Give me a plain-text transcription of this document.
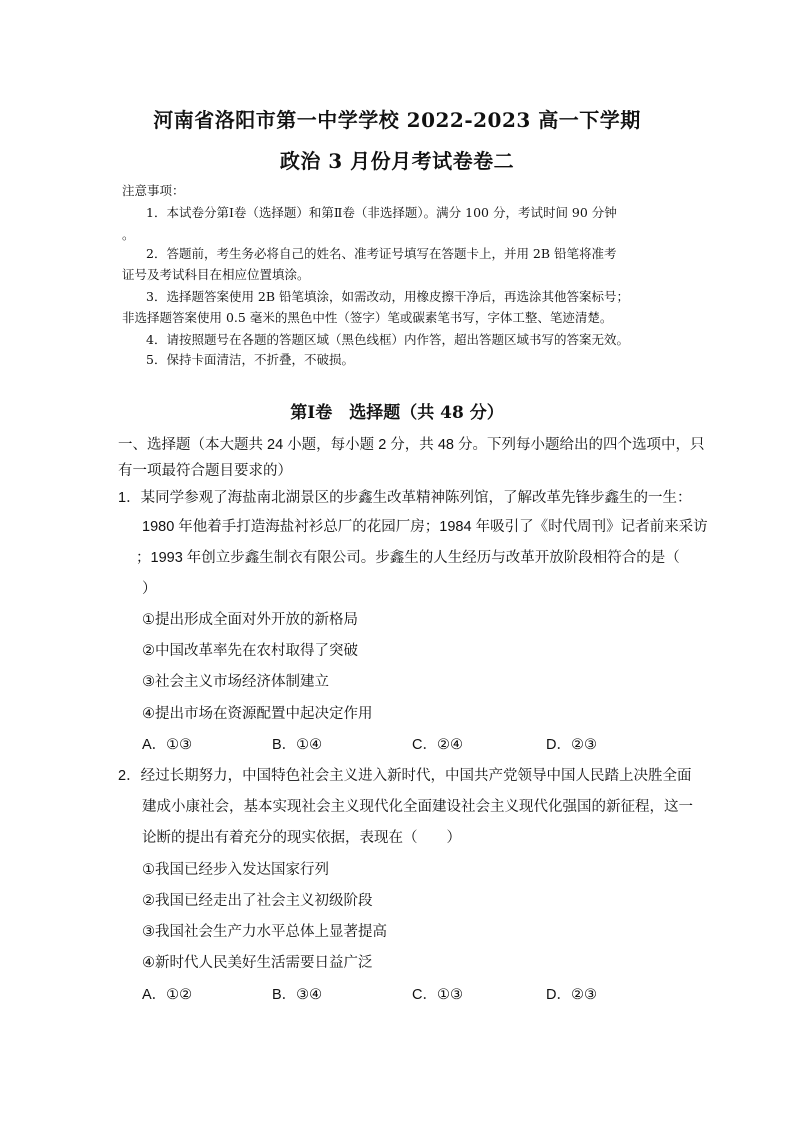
河南省洛阳市第一中学学校 2022-2023 高一下学期
政治 3 月份月考试卷卷二
注意事项：
1．本试卷分第Ⅰ卷（选择题）和第Ⅱ卷（非选择题）。满分 100 分，考试时间 90 分钟
。
2．答题前，考生务必将自己的姓名、准考证号填写在答题卡上，并用 2B 铅笔将准考
证号及考试科目在相应位置填涂。
3．选择题答案使用 2B 铅笔填涂，如需改动，用橡皮擦干净后，再选涂其他答案标号；
非选择题答案使用 0.5 毫米的黑色中性（签字）笔或碳素笔书写，字体工整、笔迹清楚。
4．请按照题号在各题的答题区域（黑色线框）内作答，超出答题区域书写的答案无效。
5．保持卡面清洁，不折叠，不破损。
第Ⅰ卷　选择题（共 48 分）
一、选择题（本大题共 24 小题，每小题 2 分，共 48 分。下列每小题给出的四个选项中，只
有一项最符合题目要求的）
1．某同学参观了海盐南北湖景区的步鑫生改革精神陈列馆，了解改革先锋步鑫生的一生：
1980 年他着手打造海盐衬衫总厂的花园厂房；1984 年吸引了《时代周刊》记者前来采访
；1993 年创立步鑫生制衣有限公司。步鑫生的人生经历与改革开放阶段相符合的是（
）
①提出形成全面对外开放的新格局
②中国改革率先在农村取得了突破
③社会主义市场经济体制建立
④提出市场在资源配置中起决定作用
A．①③	B．①④	C．②④	D．②③
2．经过长期努力，中国特色社会主义进入新时代，中国共产党领导中国人民踏上决胜全面
建成小康社会，基本实现社会主义现代化全面建设社会主义现代化强国的新征程，这一
论断的提出有着充分的现实依据，表现在（　　）
①我国已经步入发达国家行列
②我国已经走出了社会主义初级阶段
③我国社会生产力水平总体上显著提高
④新时代人民美好生活需要日益广泛
A．①②	B．③④	C．①③	D．②③
